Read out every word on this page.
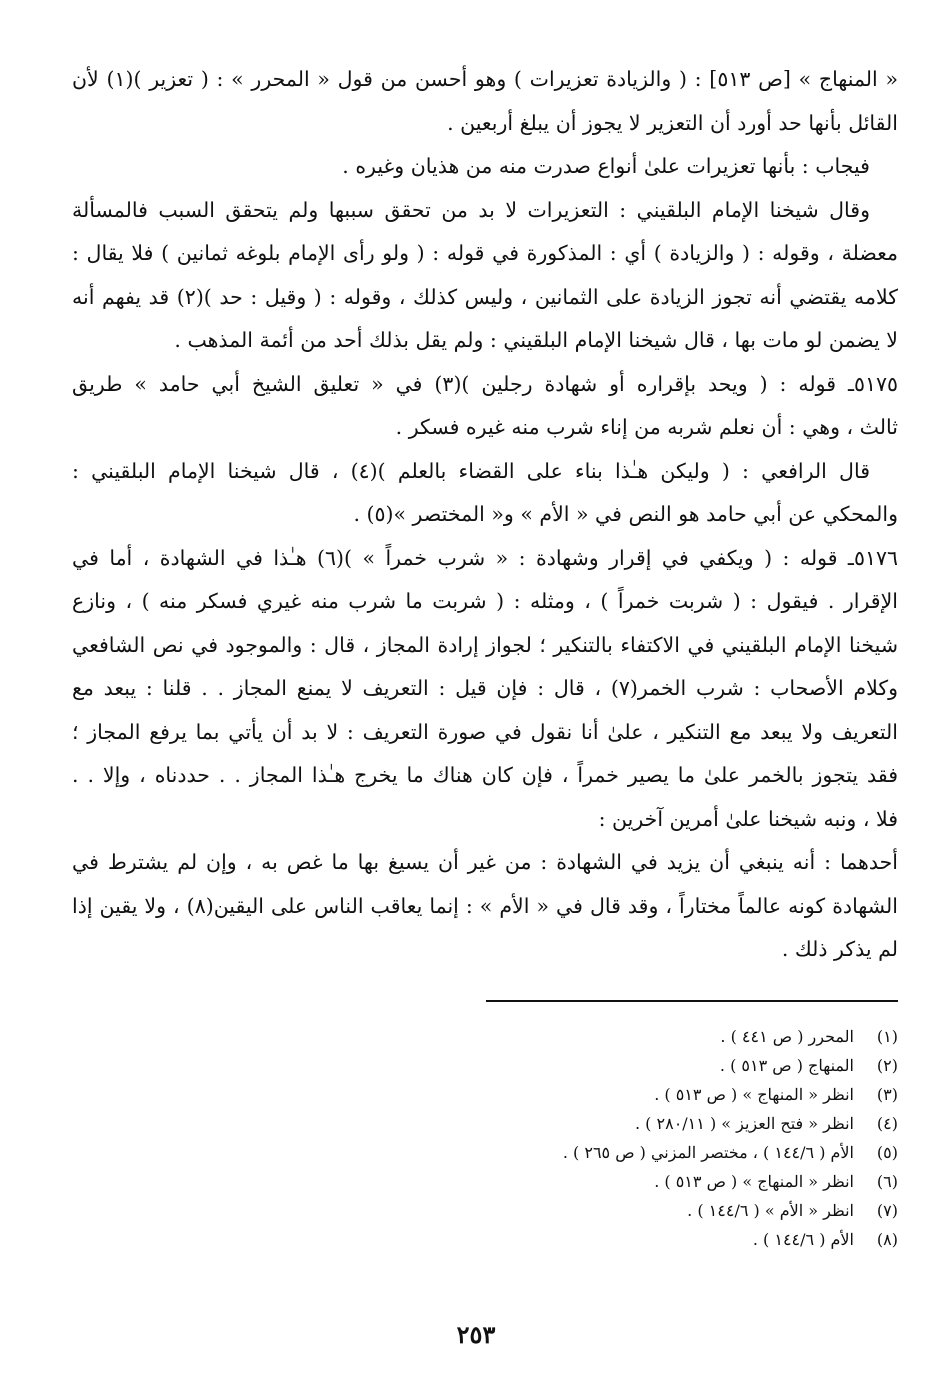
« المنهاج » [ص ٥١٣] : ( والزيادة تعزيرات ) وهو أحسن من قول « المحرر » : ( تعزير )(١) لأن
القائل بأنها حد أورد أن التعزير لا يجوز أن يبلغ أربعين .
فيجاب : بأنها تعزيرات علىٰ أنواع صدرت منه من هذيان وغيره .
وقال شيخنا الإمام البلقيني : التعزيرات لا بد من تحقق سببها ولم يتحقق السبب فالمسألة
معضلة ، وقوله : ( والزيادة ) أي : المذكورة في قوله : ( ولو رأى الإمام بلوغه ثمانين ) فلا يقال :
كلامه يقتضي أنه تجوز الزيادة على الثمانين ، وليس كذلك ، وقوله : ( وقيل : حد )(٢) قد يفهم أنه
لا يضمن لو مات بها ، قال شيخنا الإمام البلقيني : ولم يقل بذلك أحد من أئمة المذهب .
٥١٧٥ـ قوله : ( ويحد بإقراره أو شهادة رجلين )(٣) في « تعليق الشيخ أبي حامد » طريق
ثالث ، وهي : أن نعلم شربه من إناء شرب منه غيره فسكر .
قال الرافعي : ( وليكن هـٰذا بناء على القضاء بالعلم )(٤) ، قال شيخنا الإمام البلقيني :
والمحكي عن أبي حامد هو النص في « الأم » و« المختصر »(٥) .
٥١٧٦ـ قوله : ( ويكفي في إقرار وشهادة : « شرب خمراً » )(٦) هـٰذا في الشهادة ، أما في
الإقرار . فيقول : ( شربت خمراً ) ، ومثله : ( شربت ما شرب منه غيري فسكر منه ) ، ونازع
شيخنا الإمام البلقيني في الاكتفاء بالتنكير ؛ لجواز إرادة المجاز ، قال : والموجود في نص الشافعي
وكلام الأصحاب : شرب الخمر(٧) ، قال : فإن قيل : التعريف لا يمنع المجاز . . قلنا : يبعد مع
التعريف ولا يبعد مع التنكير ، علىٰ أنا نقول في صورة التعريف : لا بد أن يأتي بما يرفع المجاز ؛
فقد يتجوز بالخمر علىٰ ما يصير خمراً ، فإن كان هناك ما يخرج هـٰذا المجاز . . حددناه ، وإلا . .
فلا ، ونبه شيخنا علىٰ أمرين آخرين :
أحدهما : أنه ينبغي أن يزيد في الشهادة : من غير أن يسيغ بها ما غص به ، وإن لم يشترط في
الشهادة كونه عالماً مختاراً ، وقد قال في « الأم » : إنما يعاقب الناس على اليقين(٨) ، ولا يقين إذا
لم يذكر ذلك .
(١)المحرر ( ص ٤٤١ ) .
(٢)المنهاج ( ص ٥١٣ ) .
(٣)انظر « المنهاج » ( ص ٥١٣ ) .
(٤)انظر « فتح العزيز » ( ٢٨٠/١١ ) .
(٥)الأم ( ١٤٤/٦ ) ، مختصر المزني ( ص ٢٦٥ ) .
(٦)انظر « المنهاج » ( ص ٥١٣ ) .
(٧)انظر « الأم » ( ١٤٤/٦ ) .
(٨)الأم ( ١٤٤/٦ ) .
٢٥٣
